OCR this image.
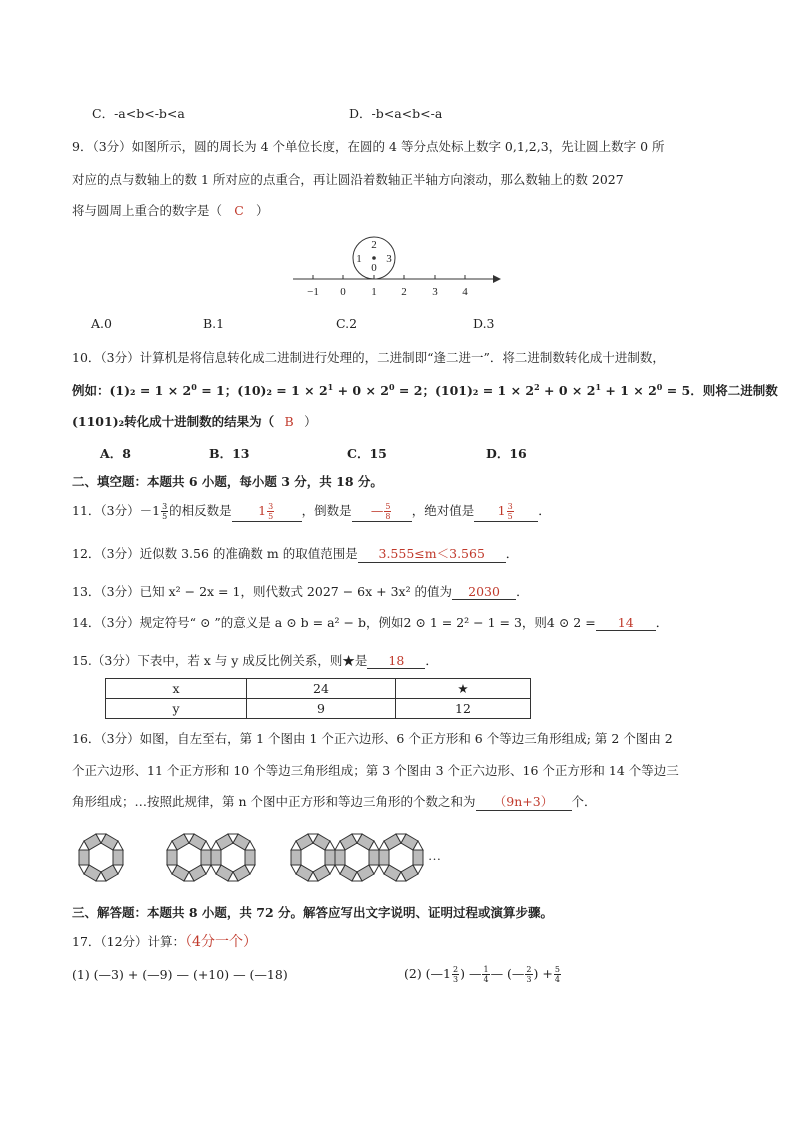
C．-a<b<-b<a	D．-b<a<b<-a
9．（3分）如图所示，圆的周长为 4 个单位长度，在圆的 4 等分点处标上数字 0,1,2,3，先让圆上数字 0 所
对应的点与数轴上的数 1 所对应的点重合，再让圆沿着数轴正半轴方向滚动，那么数轴上的数 2027
将与圆周上重合的数字是（ C ）
2
1 3
0
−1 0 1 2 3 4
A.0	B.1	C.2	D.3
10．（3分）计算机是将信息转化成二进制进行处理的，二进制即“逢二进一”．将二进制数转化成十进制数，
例如：$(1)_2 = 1 \times 2^0 = 1$；$(10)_2 = 1 \times 2^1 + 0 \times 2^0 = 2$；$(101)_2 = 1 \times 2^2 + 0 \times 2^1 + 1 \times 2^0 = 5$．则将二进制数
(1101)₂转化成十进制数的结果为（ B ）
A．8	B．13	C．15	D．16
二、填空题：本题共 6 小题，每小题 3 分，共 18 分。
11．（3分）$-1 \frac{3}{5}$ 的相反数是 $1 \frac{3}{5}$ ，倒数是 — $\frac{5}{8}$ ，绝对值是 $1 \frac{3}{5}$ ．
12．（3分）近似数 3.56 的准确数 m 的取值范围是 3.555≤m＜3.565 ．
13．（3分）已知 x² − 2x = 1，则代数式 2027 − 6x + 3x² 的值为 2030 ．
14．（3分）规定符号“ ⊙ ”的意义是 a ⊙ b = a² − b，例如2 ⊙ 1 = 2² − 1 = 3，则4 ⊙ 2 = 14 ．
15.（3分）下表中，若 x 与 y 成反比例关系，则★是 18 ．
x	24	★
y	9	12
16．（3分）如图，自左至右，第 1 个图由 1 个正六边形、6 个正方形和 6 个等边三角形组成; 第 2 个图由 2
个正六边形、11 个正方形和 10 个等边三角形组成；第 3 个图由 3 个正六边形、16 个正方形和 14 个等边三
角形组成；…按照此规律，第 n 个图中正方形和等边三角形的个数之和为 （9n+3） 个．
…
三、解答题：本题共 8 小题，共 72 分。解答应写出文字说明、证明过程或演算步骤。
17．（12分）计算：（4分一个）
(1) (—3) + (—9) — (+10) — (—18)	(2) (—1 $\frac{2}{3}$ ) — $\frac{1}{4}$ — (— $\frac{2}{3}$ ) + $\frac{5}{4}$
